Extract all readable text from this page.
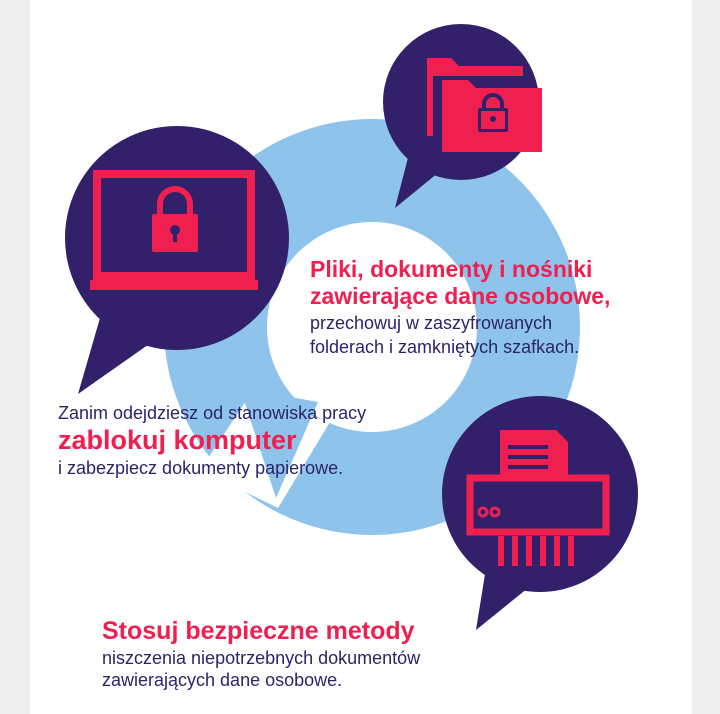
Pliki, dokumenty i nośniki
zawierające dane osobowe,
przechowuj w zaszyfrowanych
folderach i zamkniętych szafkach.
Zanim odejdziesz od stanowiska pracy
zablokuj komputer
i zabezpiecz dokumenty papierowe.
Stosuj bezpieczne metody
niszczenia niepotrzebnych dokumentów
zawierających dane osobowe.
